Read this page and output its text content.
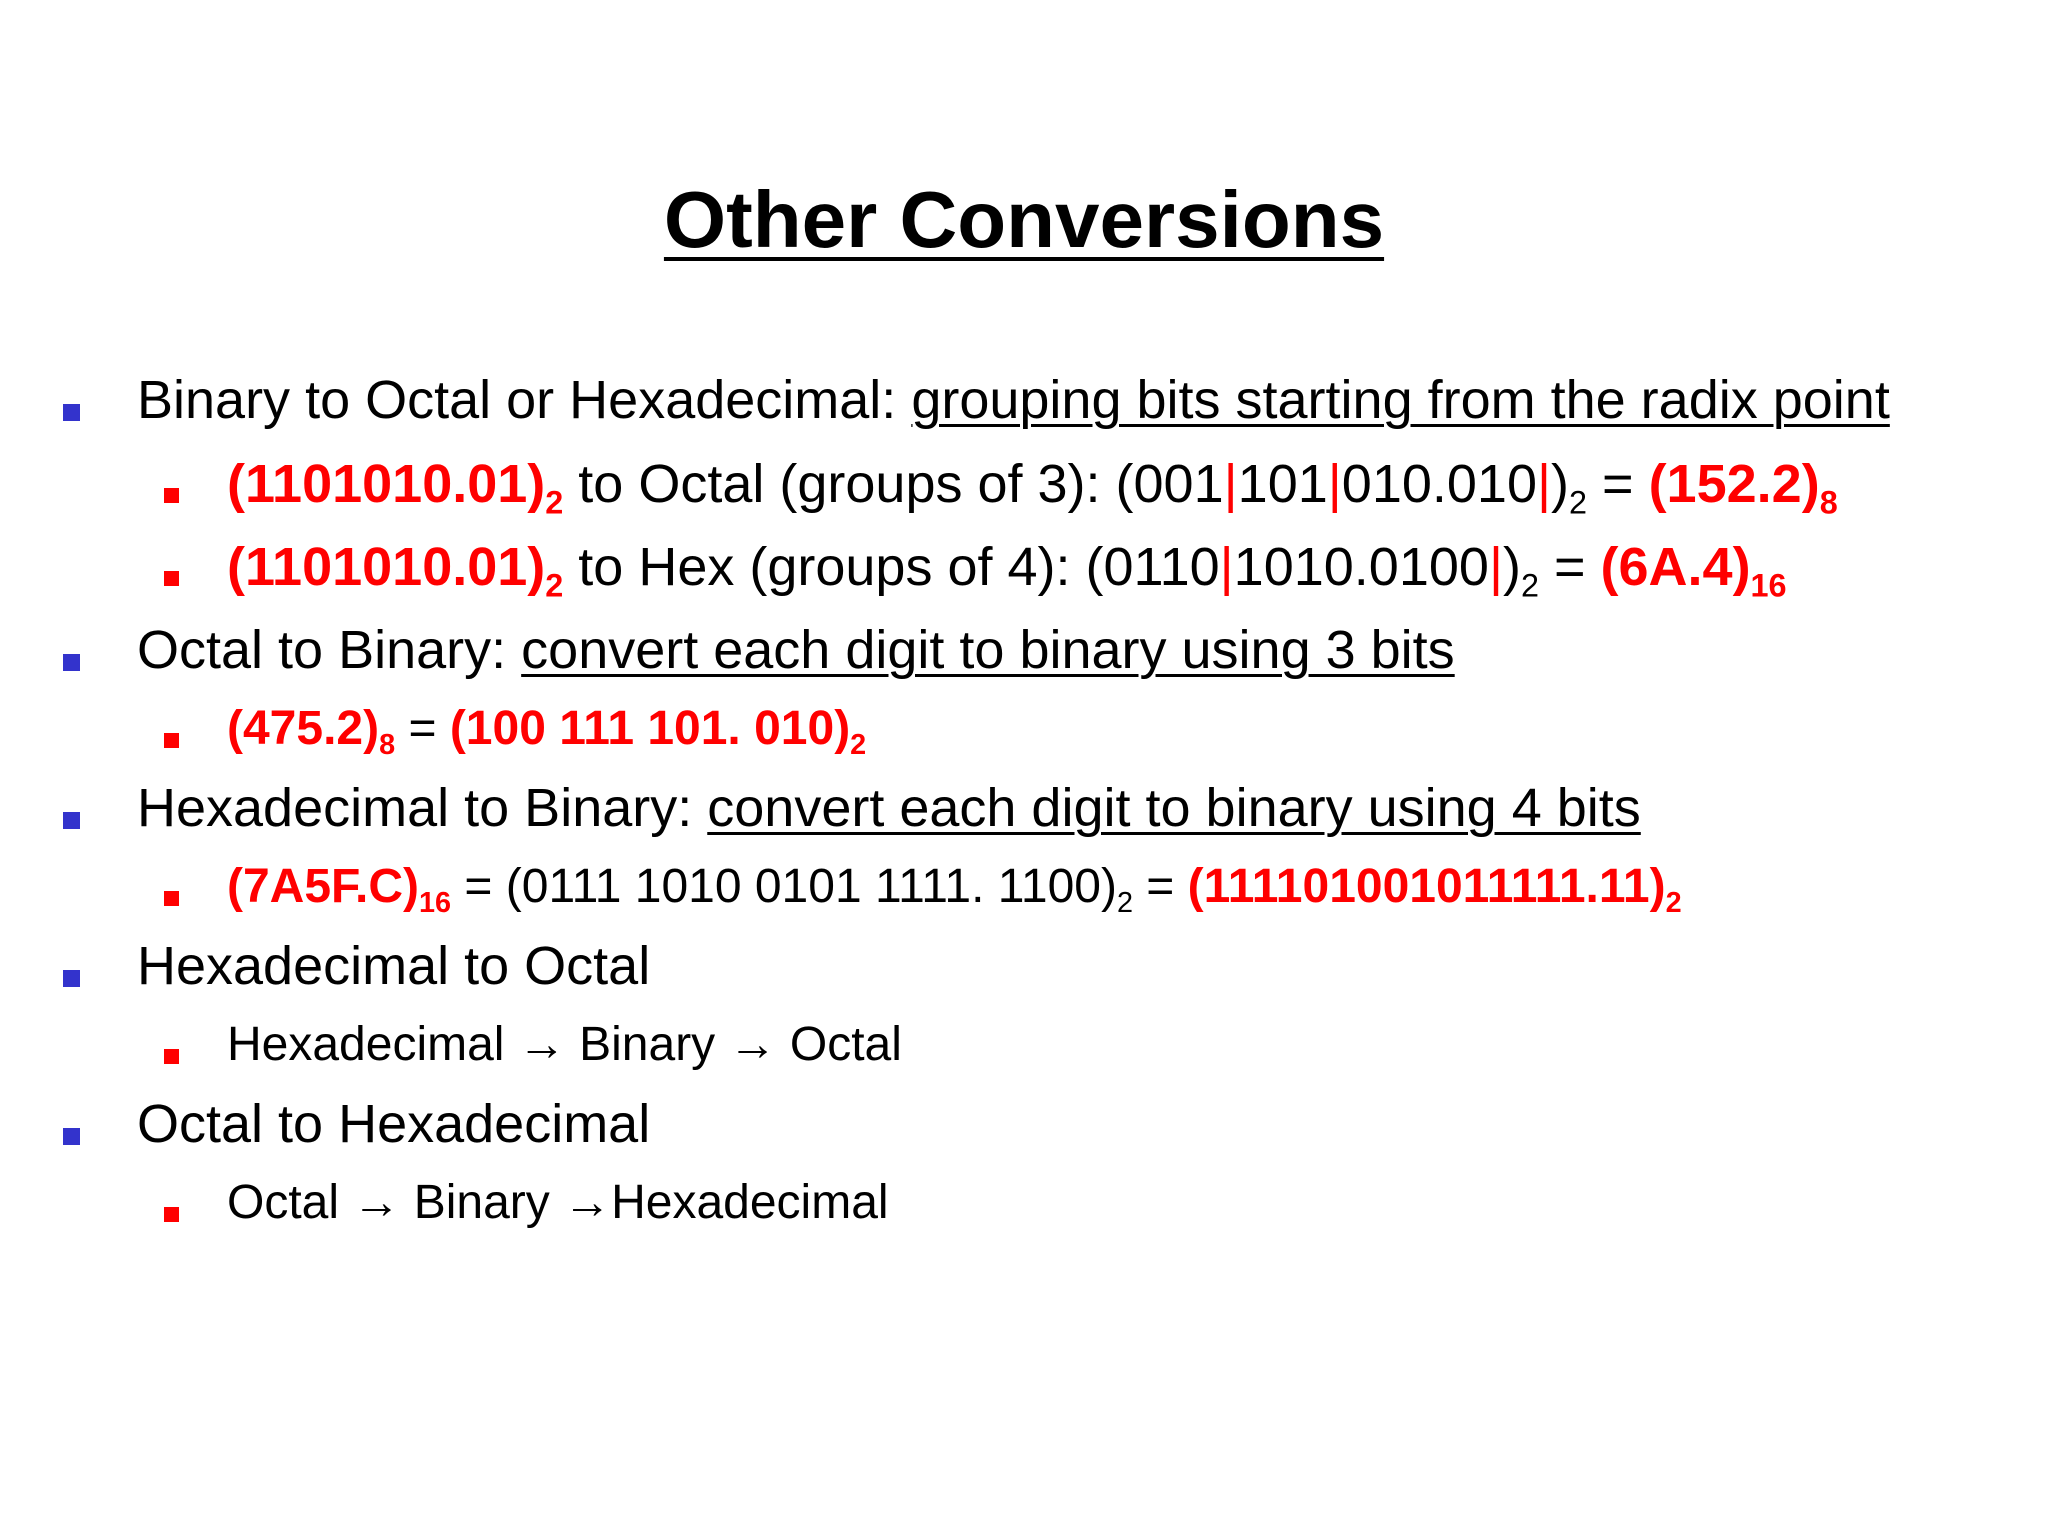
Other Conversions
Binary to Octal or Hexadecimal: grouping bits starting from the radix point
$(1101010.01)_2$ to Octal (groups of 3): $(001|101|010.010|)_2 = (152.2)_8$
$(1101010.01)_2$ to Hex (groups of 4): $(0110|1010.0100|)_2 = (6A.4)_{16}$
Octal to Binary: convert each digit to binary using 3 bits
$(475.2)_8 = (100$ 111 101. $010)_2$
Hexadecimal to Binary: convert each digit to binary using 4 bits
$(7A5F.C)_{16} = (0111$ 1010 0101 1111. $1100)_2 = (111101001011111.11)_2$
Hexadecimal to Octal
Hexadecimal → Binary → Octal
Octal to Hexadecimal
Octal → Binary →Hexadecimal
